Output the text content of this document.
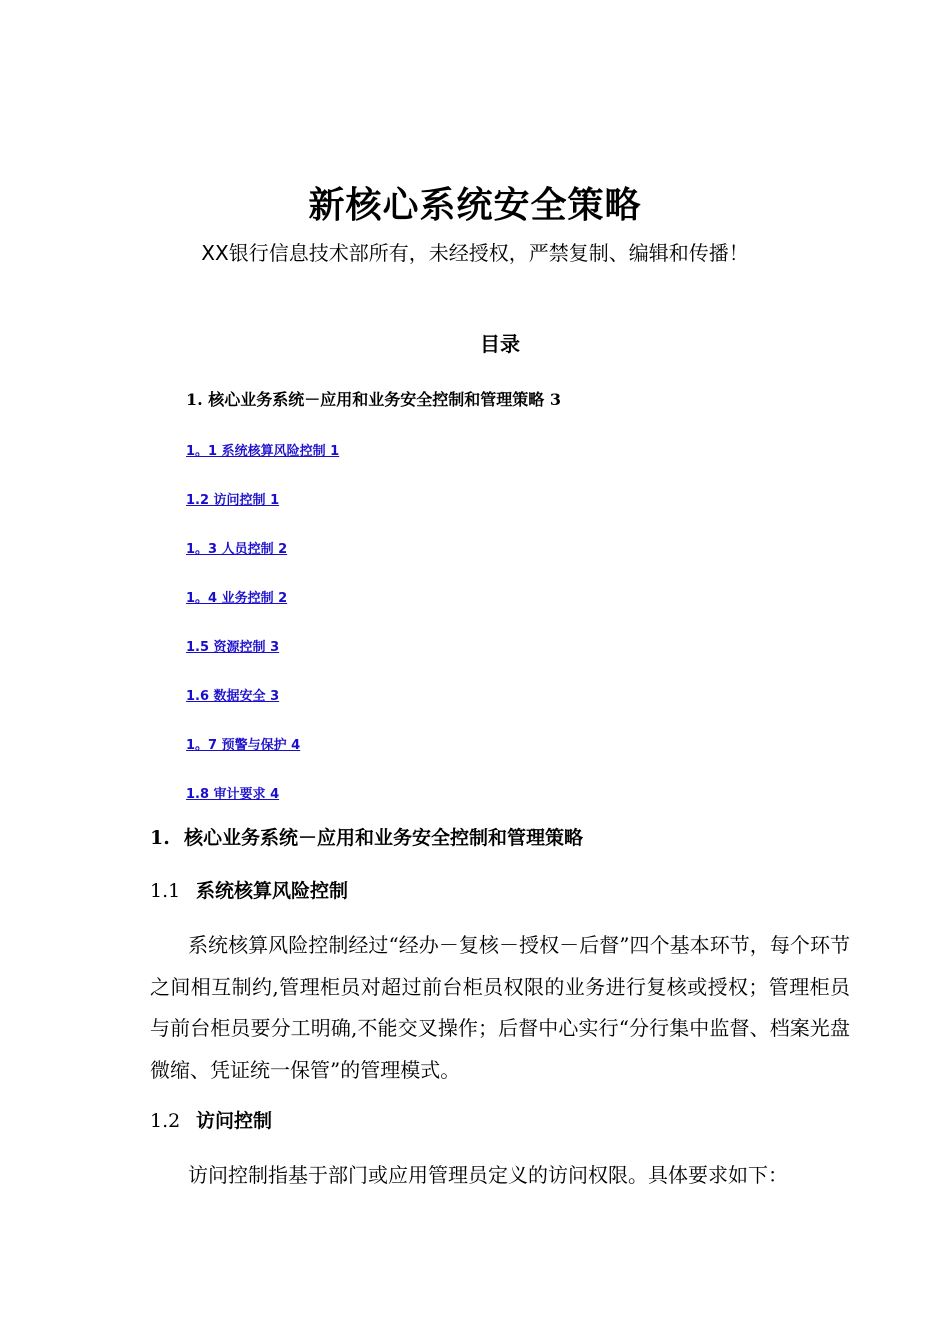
新核心系统安全策略
XX银行信息技术部所有，未经授权，严禁复制、编辑和传播！
目录
1. 核心业务系统－应用和业务安全控制和管理策略 3
1。1 系统核算风险控制 1
1.2 访问控制 1
1。3 人员控制 2
1。4 业务控制 2
1.5 资源控制 3
1.6 数据安全 3
1。7 预警与保护 4
1.8 审计要求 4
1. 核心业务系统－应用和业务安全控制和管理策略
1.1 系统核算风险控制
系统核算风险控制经过“经办－复核－授权－后督”四个基本环节，每个环节之间相互制约,管理柜员对超过前台柜员权限的业务进行复核或授权；管理柜员与前台柜员要分工明确,不能交叉操作；后督中心实行“分行集中监督、档案光盘微缩、凭证统一保管”的管理模式。
1.2 访问控制
访问控制指基于部门或应用管理员定义的访问权限。具体要求如下：
